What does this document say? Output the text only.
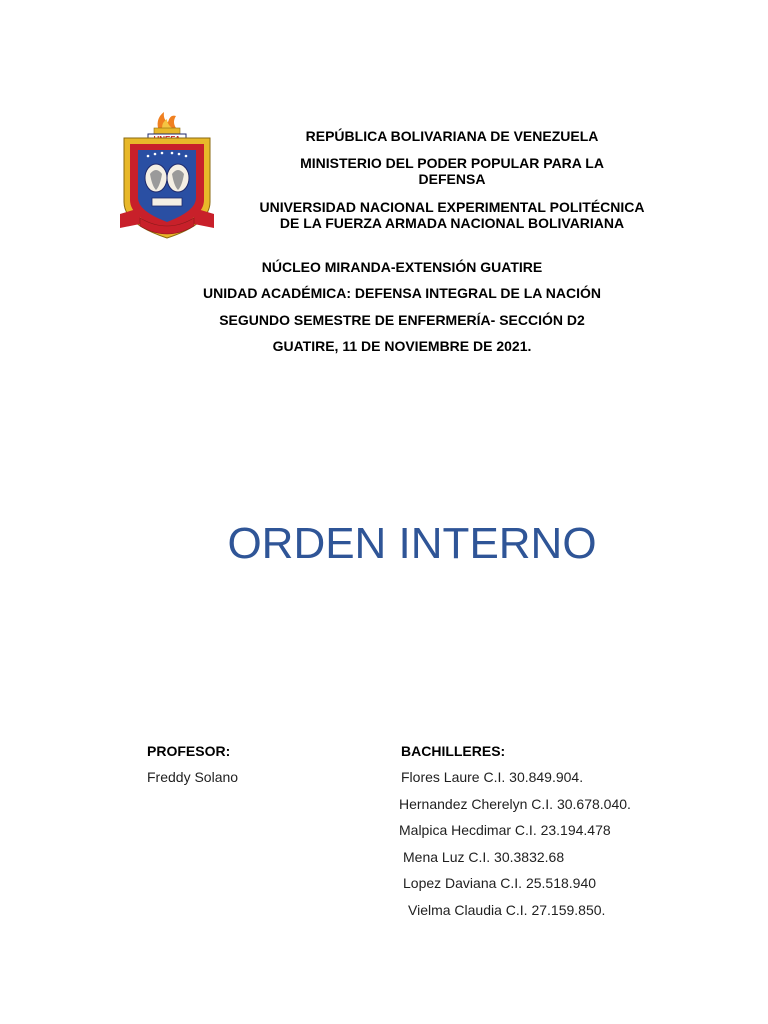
REPÚBLICA BOLIVARIANA DE VENEZUELA
MINISTERIO DEL PODER POPULAR PARA LA DEFENSA
UNIVERSIDAD NACIONAL EXPERIMENTAL POLITÉCNICA DE LA FUERZA ARMADA NACIONAL BOLIVARIANA
NÚCLEO MIRANDA-EXTENSIÓN GUATIRE
UNIDAD ACADÉMICA: DEFENSA INTEGRAL DE LA NACIÓN
SEGUNDO SEMESTRE DE ENFERMERÍA- SECCIÓN D2
GUATIRE, 11 DE NOVIEMBRE DE 2021.
ORDEN INTERNO
PROFESOR:
Freddy Solano
BACHILLERES:
Flores Laure C.I. 30.849.904.
Hernandez Cherelyn C.I. 30.678.040.
Malpica Hecdimar C.I. 23.194.478
Mena Luz C.I. 30.3832.68
Lopez Daviana C.I. 25.518.940
Vielma Claudia C.I. 27.159.850.
